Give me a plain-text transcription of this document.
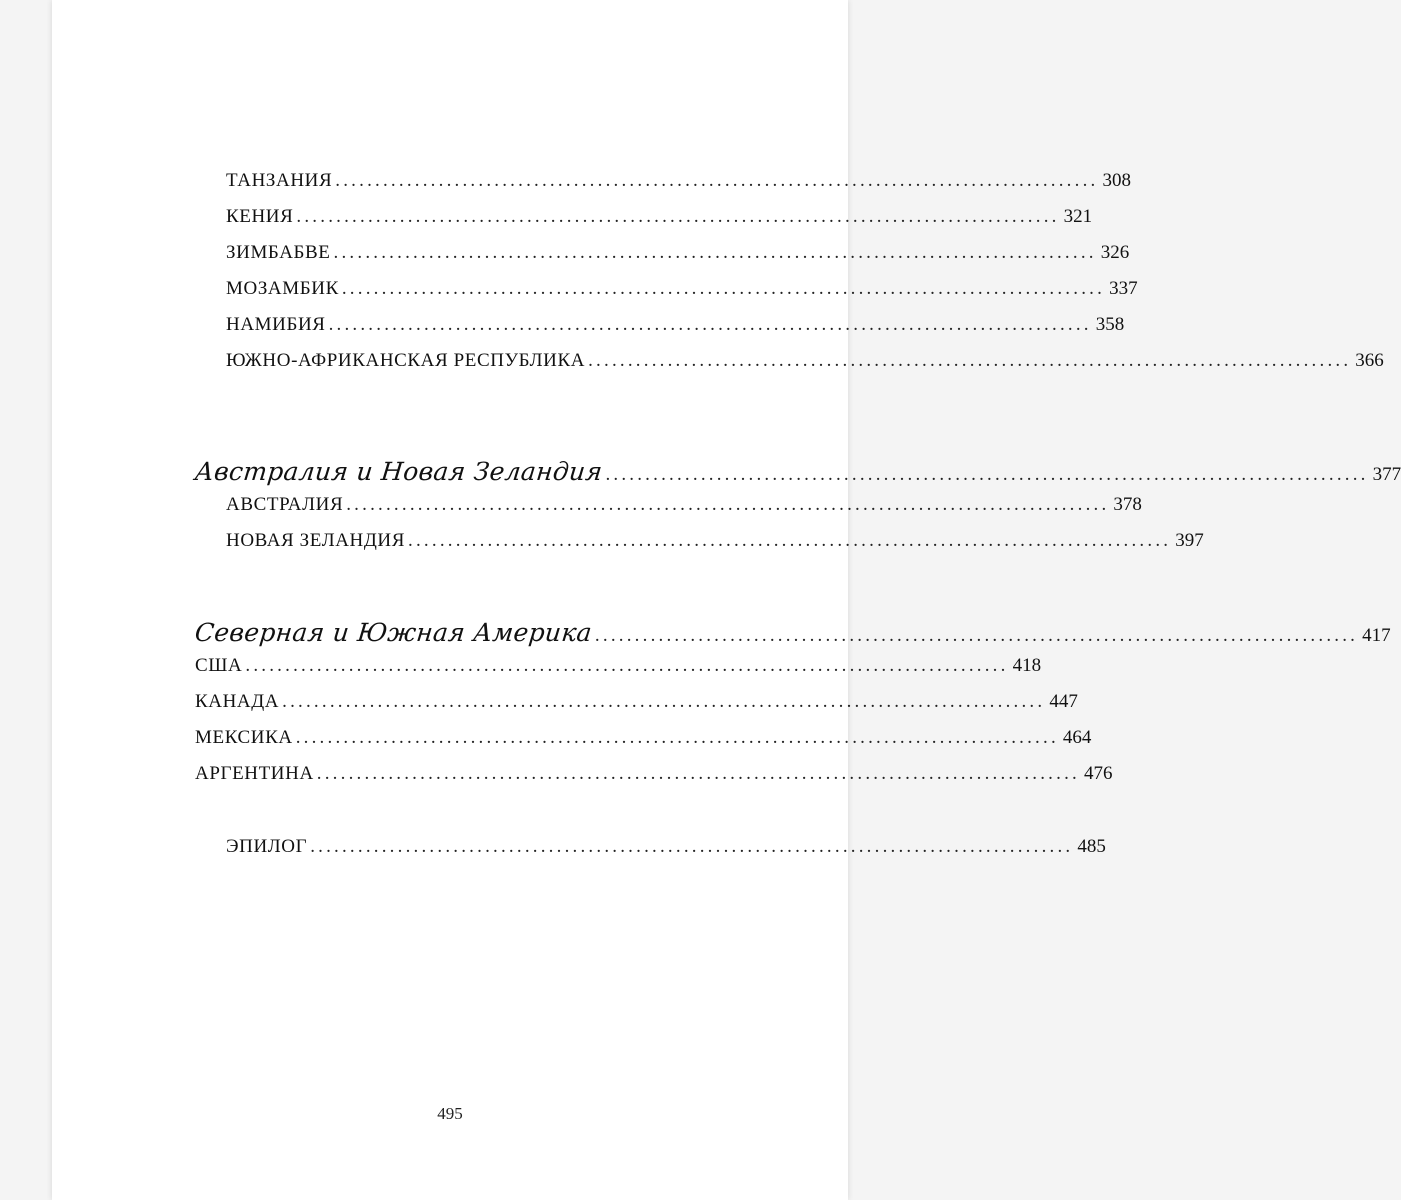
ТАНЗАНИЯ ................................................................................................ 308
КЕНИЯ ................................................................................................ 321
ЗИМБАБВЕ ................................................................................................ 326
МОЗАМБИК ................................................................................................ 337
НАМИБИЯ ................................................................................................ 358
ЮЖНО-АФРИКАНСКАЯ РЕСПУБЛИКА ................................................................................................ 366
Австралия и Новая Зеландия ................................................................................................ 377
АВСТРАЛИЯ ................................................................................................ 378
НОВАЯ ЗЕЛАНДИЯ ................................................................................................ 397
Северная и Южная Америка ................................................................................................ 417
США ................................................................................................ 418
КАНАДА ................................................................................................ 447
МЕКСИКА ................................................................................................ 464
АРГЕНТИНА ................................................................................................ 476
ЭПИЛОГ ................................................................................................ 485
495
